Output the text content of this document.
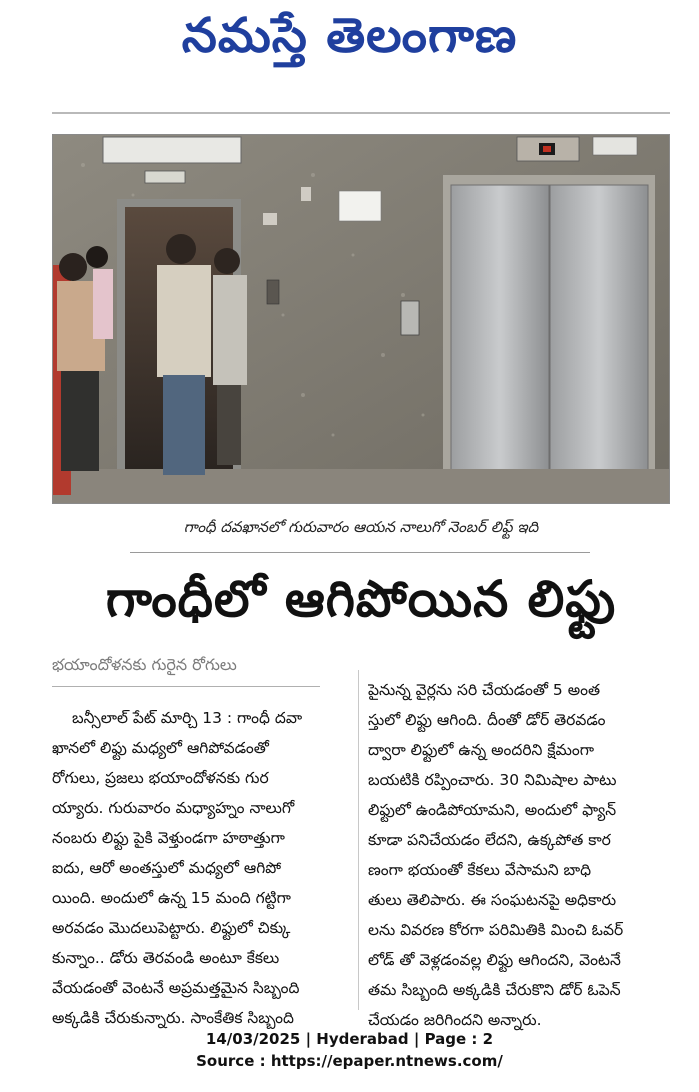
నమస్తే తెలంగాణ
గాంధీ దవఖానలో గురువారం ఆయన నాలుగో నెంబర్ లిఫ్ట్ ఇది
గాంధీలో ఆగిపోయిన లిఫ్టు
భయాందోళనకు గురైన రోగులు
బన్సీలాల్ పేట్ మార్చి 13 : గాంధీ దవా
ఖానలో లిఫ్టు మధ్యలో ఆగిపోవడంతో
రోగులు, ప్రజలు భయాందోళనకు గుర
య్యారు. గురువారం మధ్యాహ్నం నాలుగో
నంబరు లిఫ్టు పైకి వెళ్తుండగా హఠాత్తుగా
ఐదు, ఆరో అంతస్తులో మధ్యలో ఆగిపో
యింది. అందులో ఉన్న 15 మంది గట్టిగా
అరవడం మొదలుపెట్టారు. లిఫ్టులో చిక్కు
కున్నాం.. డోరు తెరవండి అంటూ కేకలు
వేయడంతో వెంటనే అప్రమత్తమైన సిబ్బంది
అక్కడికి చేరుకున్నారు. సాంకేతిక సిబ్బంది
పైనున్న వైర్లను సరి చేయడంతో 5 అంత
స్తులో లిఫ్టు ఆగింది. దీంతో డోర్ తెరవడం
ద్వారా లిఫ్టులో ఉన్న అందరిని క్షేమంగా
బయటికి రప్పించారు. 30 నిమిషాల పాటు
లిఫ్టులో ఉండిపోయామని, అందులో ఫ్యాన్
కూడా పనిచేయడం లేదని, ఉక్కపోత కార
ణంగా భయంతో కేకలు వేసామని బాధి
తులు తెలిపారు. ఈ సంఘటనపై అధికారు
లను వివరణ కోరగా పరిమితికి మించి ఓవర్
లోడ్ తో వెళ్లడంవల్ల లిఫ్టు ఆగిందని, వెంటనే
తమ సిబ్బంది అక్కడికి చేరుకొని డోర్ ఓపెన్
చేయడం జరిగిందని అన్నారు.
14/03/2025 | Hyderabad | Page : 2
Source : https://epaper.ntnews.com/
